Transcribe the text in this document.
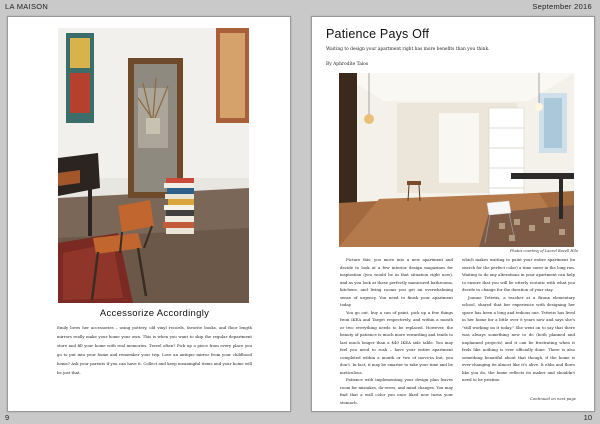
LA MAISON	September 2016
Accessorize Accordingly
Emily loves her accessories – using pottery, old vinyl records, favorite books, and floor length mirrors really make your home your own. This is when you want to skip the regular department store and fill your home with real memories. Travel often? Pick up a piece from every place you go to put into your home and remember your trip. Love an antique mirror from your childhood home? Ask your parents if you can have it. Collect and keep meaningful items and your home will be just that.
Patience Pays Off
Waiting to design your apartment right has more benefits than you think.
By Aphrodite Talos
Photos courtesy of Laurel Ravell Hilo

Picture this: you move into a new apartment and decide to look at a few interior design magazines for inspiration (you would be in that situation right now), and as you look at these perfectly manicured bathrooms, kitchens, and living rooms you get an overwhelming sense of urgency. You need to finish your apartment today.

You go out, buy a can of paint, pick up a few things from IKEA and Target respectively, and within a month or two everything needs to be replaced. However, the beauty of patience is much more rewarding and tends to last much longer than a $49 IKEA side table. You may feel you need to rush – have your entire apartment completed within a month or two of move-in but, you don't. In fact, it may be smarter to take your time and be meticulous.

Patience with implementing your design plan leaves room for mistakes, do-overs, and mind changes. You may find that a wall color you once liked now turns your stomach,

which makes waiting to paint your entire apartment (in search for the perfect color) a time saver in the long run. Waiting to do any alterations in your apartment can help to ensure that you will be utterly ecstatic with what you decide to change for the duration of your stay.

Joanne Tettetis, a teacher at a Bronx elementary school, shared that her experience with designing her space has been a long and tedious one. Tettetis has lived in her home for a little over 8 years now and says she's "still working on it today." She went on to say that there was always something new to do (both planned and unplanned projects) and it can be frustrating when it feels like nothing is ever officially done. There is also something beautiful about that though, if the home is ever-changing its almost like it's alive. It ebbs and flows like you do, the home reflects its maker and shouldn't need to be pristine.

Continued on next page
9	10
